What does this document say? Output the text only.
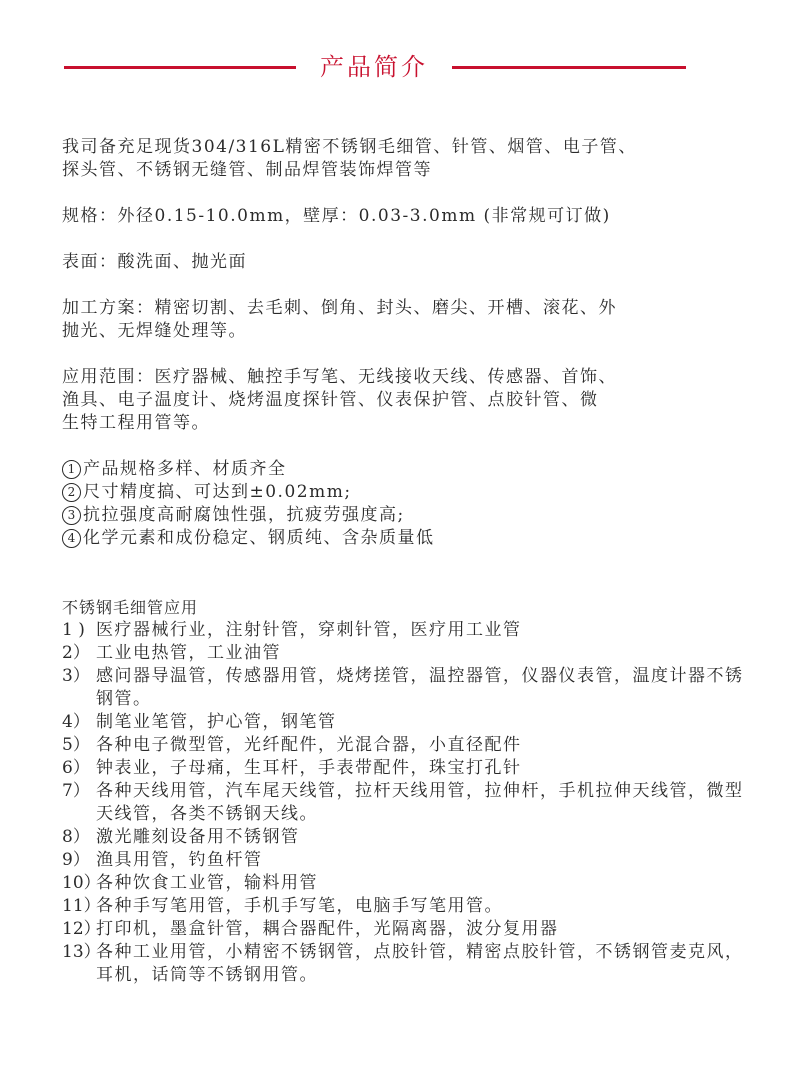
产品简介

我司备充足现货304/316L精密不锈钢毛细管、针管、烟管、电子管、

探头管、不锈钢无缝管、制品焊管装饰焊管等

规格：外径0.15-10.0mm，壁厚：0.03-3.0mm (非常规可订做)

表面：酸洗面、抛光面

加工方案：精密切割、去毛刺、倒角、封头、磨尖、开槽、滚花、外

抛光、无焊缝处理等。

应用范围：医疗器械、触控手写笔、无线接收天线、传感器、首饰、

渔具、电子温度计、烧烤温度探针管、仪表保护管、点胶针管、微

生特工程用管等。

1 产品规格多样、材质齐全
2 尺寸精度搞、可达到±0.02mm;
3 抗拉强度高耐腐蚀性强，抗疲劳强度高;
4 化学元素和成份稳定、钢质纯、含杂质量低

不锈钢毛细管应用

1 ) 医疗器械行业，注射针管，穿刺针管，医疗用工业管
2） 工业电热管，工业油管
3） 感问器导温管，传感器用管，烧烤搓管，温控器管，仪器仪表管，温度计器不锈钢管。
4） 制笔业笔管，护心管，钢笔管
5） 各种电子微型管，光纤配件，光混合器，小直径配件
6） 钟表业，子母痛，生耳杆，手表带配件，珠宝打孔针
7） 各种天线用管，汽车尾天线管，拉杆天线用管，拉伸杆，手机拉伸天线管，微型天线管，各类不锈钢天线。
8） 激光雕刻设备用不锈钢管
9） 渔具用管，钓鱼杆管
10）
各种饮食工业管，输料用管
11）
各种手写笔用管，手机手写笔，电脑手写笔用管。
12）
打印机，墨盒针管，耦合器配件，光隔离器，波分复用器
13）
各种工业用管，小精密不锈钢管，点胶针管，精密点胶针管，不锈钢管麦克风，耳机，话筒等不锈钢用管。
